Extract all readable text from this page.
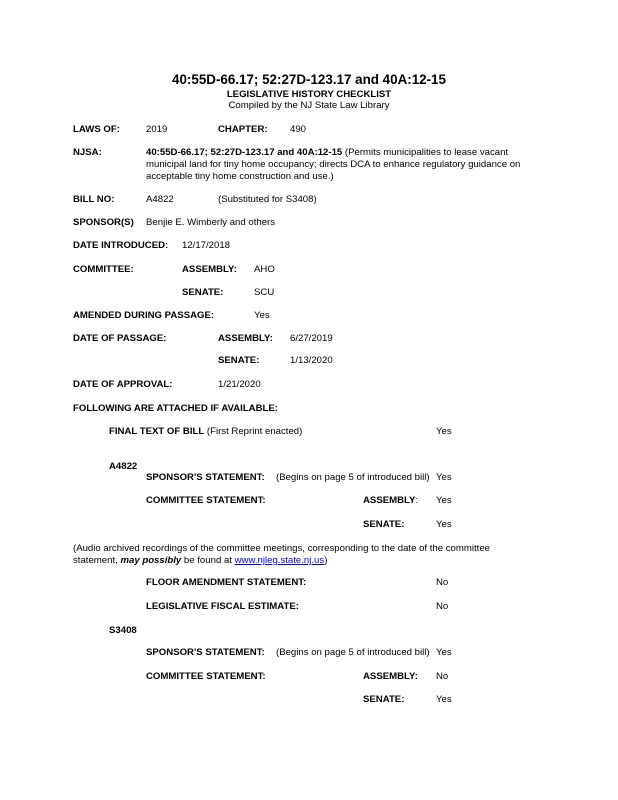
40:55D-66.17; 52:27D-123.17 and 40A:12-15
LEGISLATIVE HISTORY CHECKLIST
Compiled by the NJ State Law Library
LAWS OF:	2019	CHAPTER: 490
NJSA:	40:55D-66.17; 52:27D-123.17 and 40A:12-15 (Permits municipalities to lease vacant municipal land for tiny home occupancy; directs DCA to enhance regulatory guidance on acceptable tiny home construction and use.)
BILL NO:	A4822	(Substituted for S3408)
SPONSOR(S) Benjie E. Wimberly and others
DATE INTRODUCED: 12/17/2018
COMMITTEE:	ASSEMBLY: AHO
SENATE:	SCU
AMENDED DURING PASSAGE:	Yes
DATE OF PASSAGE:	ASSEMBLY: 6/27/2019
SENATE:	1/13/2020
DATE OF APPROVAL:	1/21/2020
FOLLOWING ARE ATTACHED IF AVAILABLE:
FINAL TEXT OF BILL (First Reprint enacted)	Yes
A4822
SPONSOR'S STATEMENT: (Begins on page 5 of introduced bill) Yes
COMMITTEE STATEMENT:	ASSEMBLY: Yes
SENATE:	Yes
(Audio archived recordings of the committee meetings, corresponding to the date of the committee statement, may possibly be found at www.njleg.state.nj.us)
FLOOR AMENDMENT STATEMENT:	No
LEGISLATIVE FISCAL ESTIMATE:	No
S3408
SPONSOR'S STATEMENT: (Begins on page 5 of introduced bill) Yes
COMMITTEE STATEMENT:	ASSEMBLY: No
SENATE:	Yes
